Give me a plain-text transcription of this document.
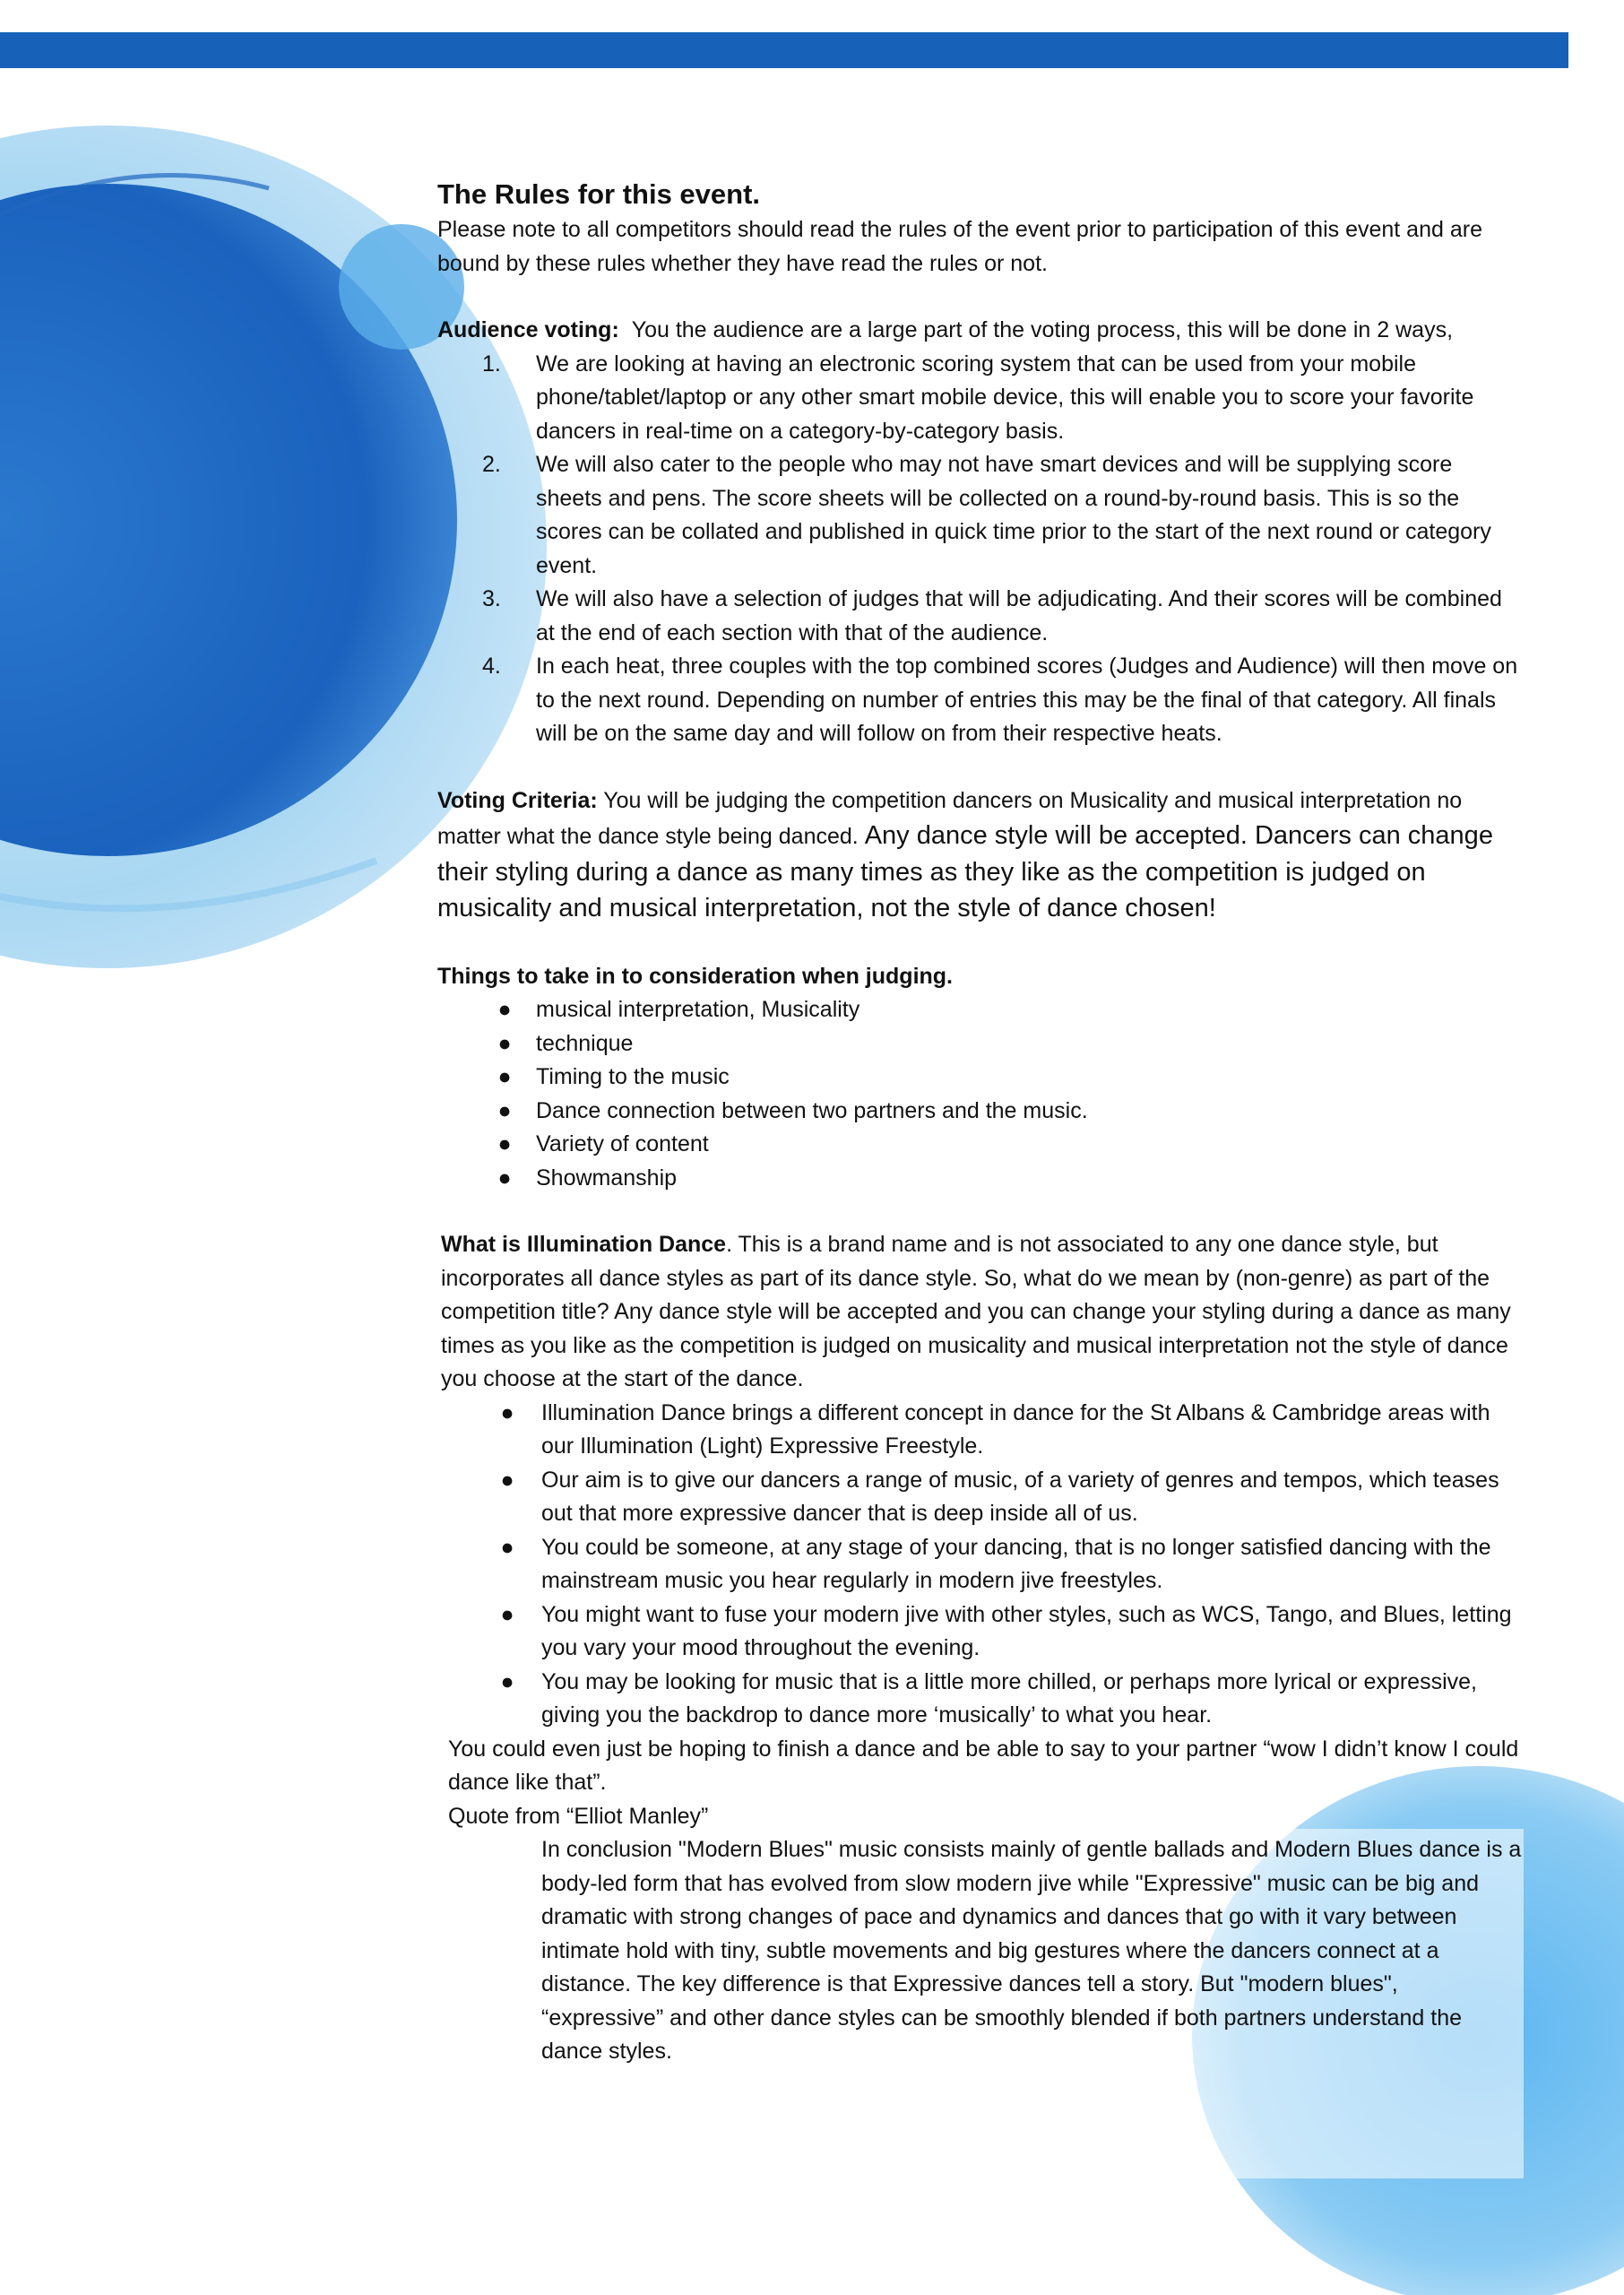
The Rules for this event.

Please note to all competitors should read the rules of the event prior to participation of this event and are bound by these rules whether they have read the rules or not.

Audience voting: You the audience are a large part of the voting process, this will be done in 2 ways,

1.	We are looking at having an electronic scoring system that can be used from your mobile phone/tablet/laptop or any other smart mobile device, this will enable you to score your favorite dancers in real-time on a category-by-category basis.
2.	We will also cater to the people who may not have smart devices and will be supplying score sheets and pens. The score sheets will be collected on a round-by-round basis. This is so the scores can be collated and published in quick time prior to the start of the next round or category event.
3.	We will also have a selection of judges that will be adjudicating. And their scores will be combined at the end of each section with that of the audience.
4.	In each heat, three couples with the top combined scores (Judges and Audience) will then move on to the next round. Depending on number of entries this may be the final of that category. All finals will be on the same day and will follow on from their respective heats.

Voting Criteria: You will be judging the competition dancers on Musicality and musical interpretation no matter what the dance style being danced. Any dance style will be accepted. Dancers can change their styling during a dance as many times as they like as the competition is judged on musicality and musical interpretation, not the style of dance chosen!

Things to take in to consideration when judging.

●	musical interpretation, Musicality
●	technique
●	Timing to the music
●	Dance connection between two partners and the music.
●	Variety of content
●	Showmanship

What is Illumination Dance. This is a brand name and is not associated to any one dance style, but incorporates all dance styles as part of its dance style. So, what do we mean by (non-genre) as part of the competition title? Any dance style will be accepted and you can change your styling during a dance as many times as you like as the competition is judged on musicality and musical interpretation not the style of dance you choose at the start of the dance.

●	Illumination Dance brings a different concept in dance for the St Albans & Cambridge areas with our Illumination (Light) Expressive Freestyle.
●	Our aim is to give our dancers a range of music, of a variety of genres and tempos, which teases out that more expressive dancer that is deep inside all of us.
●	You could be someone, at any stage of your dancing, that is no longer satisfied dancing with the mainstream music you hear regularly in modern jive freestyles.
●	You might want to fuse your modern jive with other styles, such as WCS, Tango, and Blues, letting you vary your mood throughout the evening.
●	You may be looking for music that is a little more chilled, or perhaps more lyrical or expressive, giving you the backdrop to dance more ‘musically’ to what you hear.

You could even just be hoping to finish a dance and be able to say to your partner “wow I didn’t know I could dance like that”.

Quote from “Elliot Manley”

In conclusion "Modern Blues" music consists mainly of gentle ballads and Modern Blues dance is a body-led form that has evolved from slow modern jive while "Expressive" music can be big and dramatic with strong changes of pace and dynamics and dances that go with it vary between intimate hold with tiny, subtle movements and big gestures where the dancers connect at a distance. The key difference is that Expressive dances tell a story. But "modern blues", “expressive” and other dance styles can be smoothly blended if both partners understand the dance styles.
